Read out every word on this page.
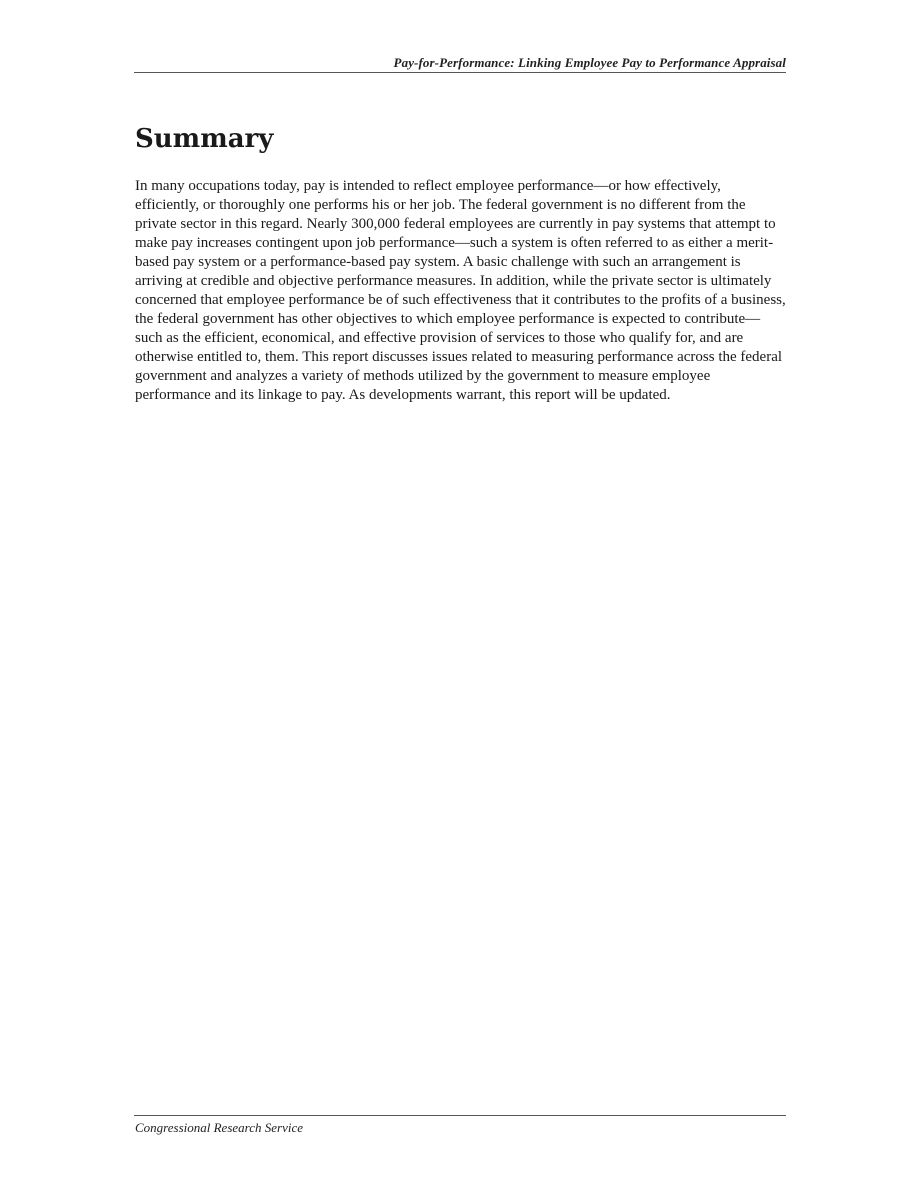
Pay-for-Performance: Linking Employee Pay to Performance Appraisal
Summary

In many occupations today, pay is intended to reflect employee performance—or how effectively, efficiently, or thoroughly one performs his or her job. The federal government is no different from the private sector in this regard. Nearly 300,000 federal employees are currently in pay systems that attempt to make pay increases contingent upon job performance—such a system is often referred to as either a merit-based pay system or a performance-based pay system. A basic challenge with such an arrangement is arriving at credible and objective performance measures. In addition, while the private sector is ultimately concerned that employee performance be of such effectiveness that it contributes to the profits of a business, the federal government has other objectives to which employee performance is expected to contribute—such as the efficient, economical, and effective provision of services to those who qualify for, and are otherwise entitled to, them. This report discusses issues related to measuring performance across the federal government and analyzes a variety of methods utilized by the government to measure employee performance and its linkage to pay. As developments warrant, this report will be updated.

Congressional Research Service
